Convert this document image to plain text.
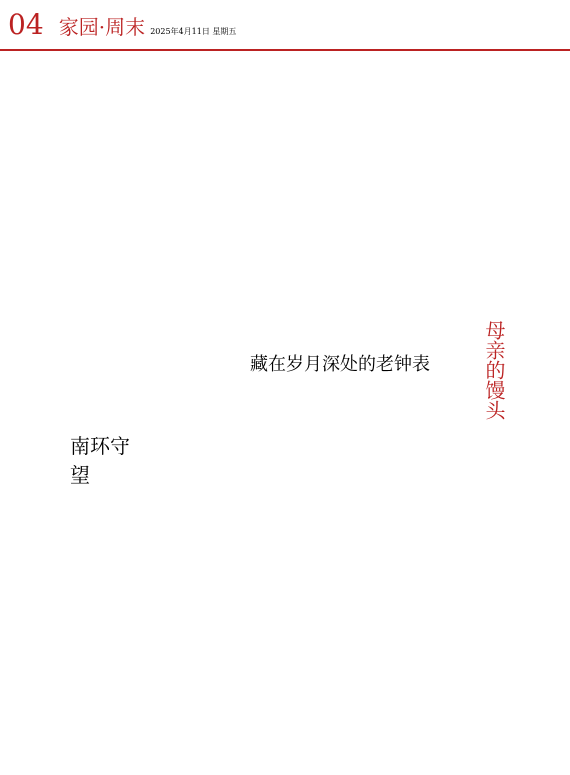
04 家园·周末 2025年4月11日 星期五
藏在岁月深处的老钟表
南环守望
母亲的馒头
